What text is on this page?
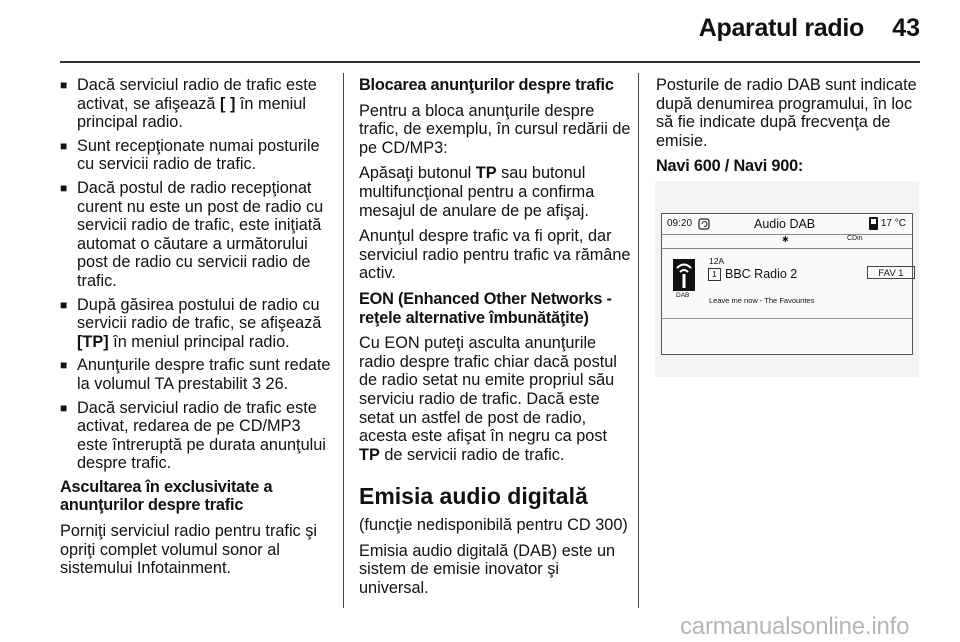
Aparatul radio 43
■ Dacă serviciul radio de trafic este activat, se afişează [ ] în meniul principal radio.
■ Sunt recepţionate numai posturile cu servicii radio de trafic.
■ Dacă postul de radio recepţionat curent nu este un post de radio cu servicii radio de trafic, este iniţiată automat o căutare a următorului post de radio cu servicii radio de trafic.
■ După găsirea postului de radio cu servicii radio de trafic, se afişează [TP] în meniul principal radio.
■ Anunţurile despre trafic sunt redate la volumul TA prestabilit 3 26.
■ Dacă serviciul radio de trafic este activat, redarea de pe CD/MP3 este întreruptă pe durata anunţului despre trafic.

Ascultarea în exclusivitate a anunţurilor despre trafic

Porniţi serviciul radio pentru trafic şi opriţi complet volumul sonor al sistemului Infotainment.

Blocarea anunţurilor despre trafic

Pentru a bloca anunţurile despre trafic, de exemplu, în cursul redării de pe CD/MP3:

Apăsaţi butonul TP sau butonul multifuncţional pentru a confirma mesajul de anulare de pe afişaj.

Anunţul despre trafic va fi oprit, dar serviciul radio pentru trafic va rămâne activ.

EON (Enhanced Other Networks - reţele alternative îmbunătăţite)

Cu EON puteţi asculta anunţurile radio despre trafic chiar dacă postul de radio setat nu emite propriul său serviciu radio de trafic. Dacă este setat un astfel de post de radio, acesta este afişat în negru ca post TP de servicii radio de trafic.

Emisia audio digitală

(funcţie nedisponibilă pentru CD 300)

Emisia audio digitală (DAB) este un sistem de emisie inovator şi universal.

Posturile de radio DAB sunt indicate după denumirea programului, în loc să fie indicate după frecvenţa de emisie.

Navi 600 / Navi 900:

09:20	Audio DAB	17 °C
✱	CDin
DAB
12A
1 BBC Radio 2	FAV 1
Leave me now - The Favourites
carmanualsonline.info
